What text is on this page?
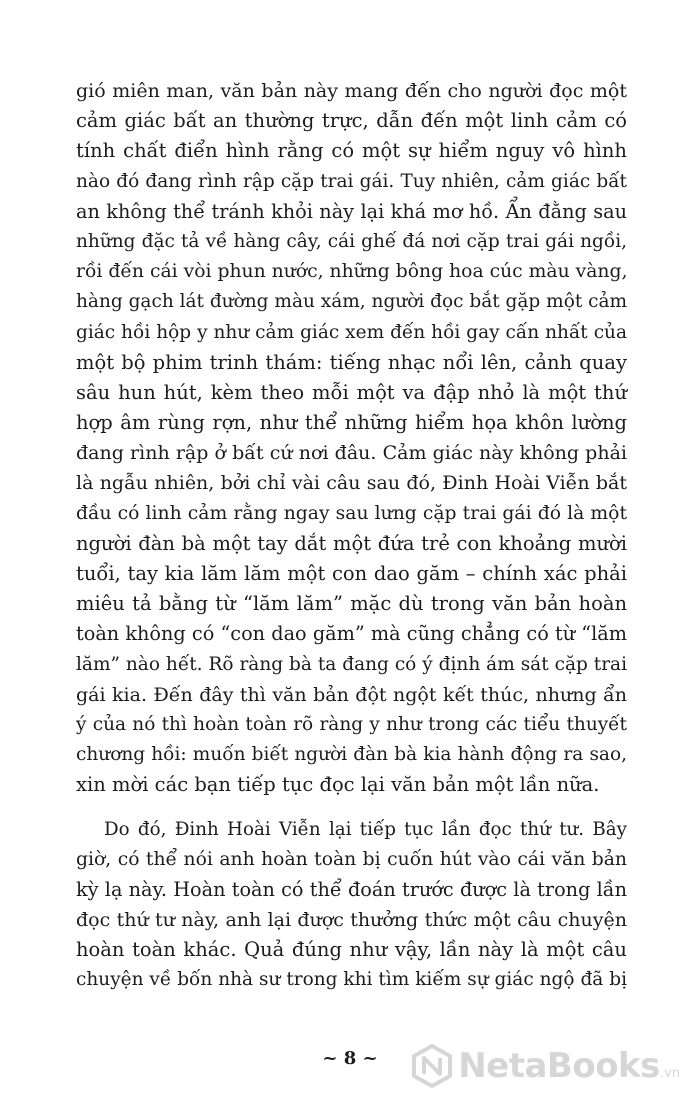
gió miên man, văn bản này mang đến cho người đọc một
cảm giác bất an thường trực, dẫn đến một linh cảm có
tính chất điển hình rằng có một sự hiểm nguy vô hình
nào đó đang rình rập cặp trai gái. Tuy nhiên, cảm giác bất
an không thể tránh khỏi này lại khá mơ hồ. Ẩn đằng sau
những đặc tả về hàng cây, cái ghế đá nơi cặp trai gái ngồi,
rồi đến cái vòi phun nước, những bông hoa cúc màu vàng,
hàng gạch lát đường màu xám, người đọc bắt gặp một cảm
giác hồi hộp y như cảm giác xem đến hồi gay cấn nhất của
một bộ phim trinh thám: tiếng nhạc nổi lên, cảnh quay
sâu hun hút, kèm theo mỗi một va đập nhỏ là một thứ
hợp âm rùng rợn, như thể những hiểm họa khôn lường
đang rình rập ở bất cứ nơi đâu. Cảm giác này không phải
là ngẫu nhiên, bởi chỉ vài câu sau đó, Đinh Hoài Viễn bắt
đầu có linh cảm rằng ngay sau lưng cặp trai gái đó là một
người đàn bà một tay dắt một đứa trẻ con khoảng mười
tuổi, tay kia lăm lăm một con dao găm – chính xác phải
miêu tả bằng từ “lăm lăm” mặc dù trong văn bản hoàn
toàn không có “con dao găm” mà cũng chẳng có từ “lăm
lăm” nào hết. Rõ ràng bà ta đang có ý định ám sát cặp trai
gái kia. Đến đây thì văn bản đột ngột kết thúc, nhưng ẩn
ý của nó thì hoàn toàn rõ ràng y như trong các tiểu thuyết
chương hồi: muốn biết người đàn bà kia hành động ra sao,
xin mời các bạn tiếp tục đọc lại văn bản một lần nữa.

Do đó, Đinh Hoài Viễn lại tiếp tục lần đọc thứ tư. Bây
giờ, có thể nói anh hoàn toàn bị cuốn hút vào cái văn bản
kỳ lạ này. Hoàn toàn có thể đoán trước được là trong lần
đọc thứ tư này, anh lại được thưởng thức một câu chuyện
hoàn toàn khác. Quả đúng như vậy, lần này là một câu
chuyện về bốn nhà sư trong khi tìm kiếm sự giác ngộ đã bị

~ 8 ~	NetaBooks .vn
